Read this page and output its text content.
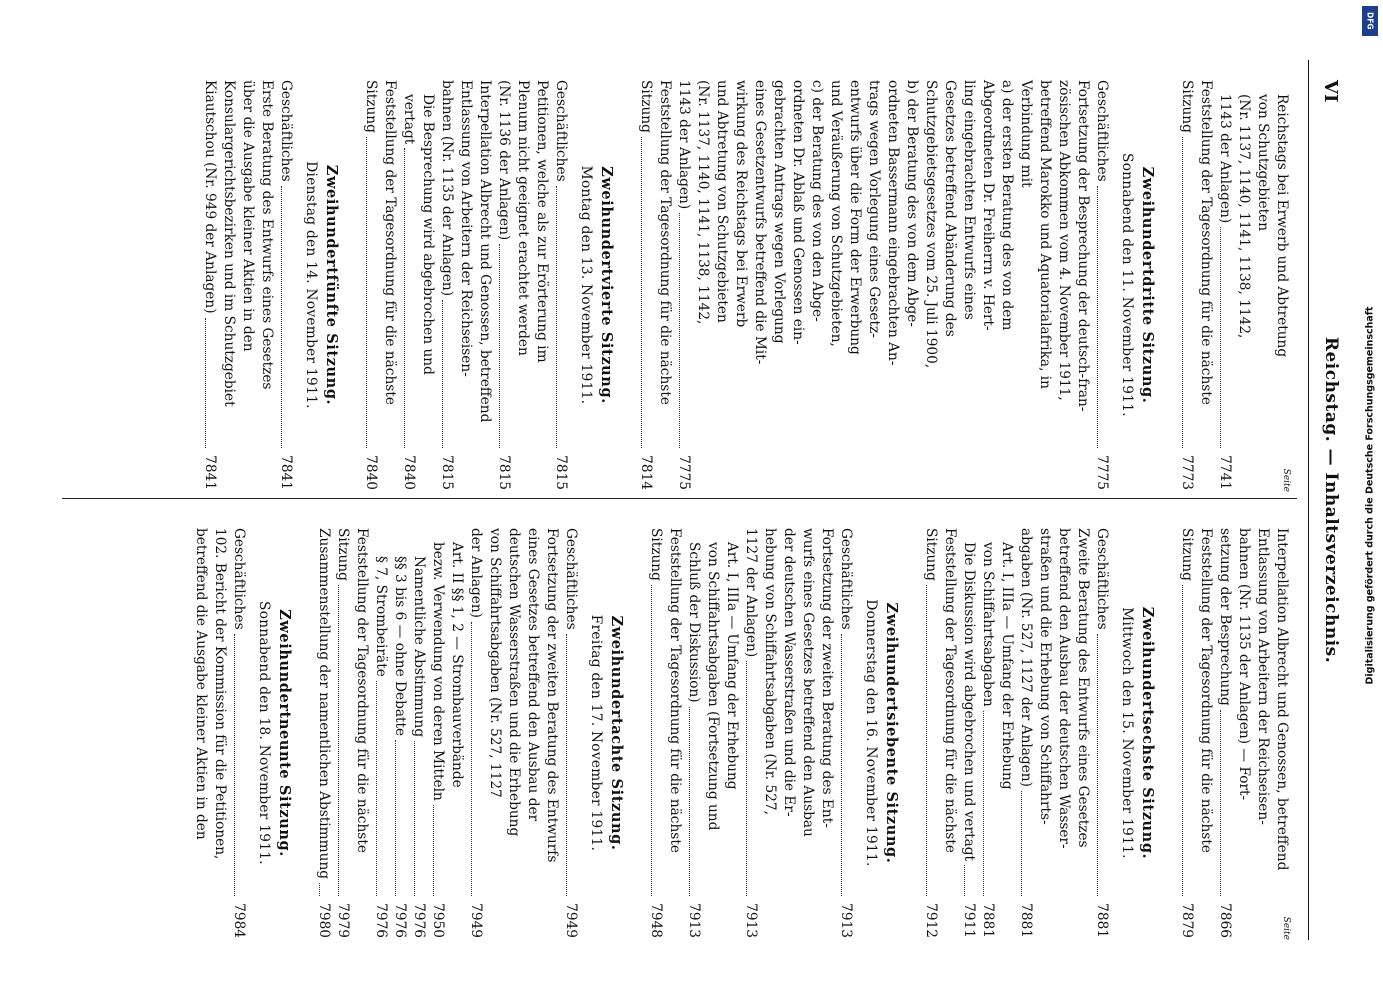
VI
Reichstag. — Inhaltsverzeichnis.
Seite
Reichstags bei Erwerb und Abtretung
von Schutzgebieten
(Nr. 1137, 1140, 1141, 1138, 1142,
1143 der Anlagen)
7741
Feststellung der Tagesordnung für die nächste
Sitzung
7773
Zweihundertdritte Sitzung.
Sonnabend den 11. November 1911.
Geschäftliches
7775
Fortsetzung der Besprechung der deutsch-fran-
zösischen Abkommen vom 4. November 1911,
betreffend Marokko und Aquatorialafrika, in
Verbindung mit
a) der ersten Beratung des von dem
Abgeordneten Dr. Freiherrn v. Hert-
ling eingebrachten Entwurfs eines
Gesetzes betreffend Abänderung des
Schutzgebietsgesetzes vom 25. Juli 1900,
b) der Beratung des von dem Abge-
ordneten Bassermann eingebrachten An-
trags wegen Vorlegung eines Gesetz-
entwurfs über die Form der Erwerbung
und Veräußerung von Schutzgebieten,
c) der Beratung des von den Abge-
ordneten Dr. Ablaß und Genossen ein-
gebrachten Antrags wegen Vorlegung
eines Gesetzentwurfs betreffend die Mit-
wirkung des Reichstags bei Erwerb
und Abtretung von Schutzgebieten
(Nr. 1137, 1140, 1141, 1138, 1142,
1143 der Anlagen)
7775
Feststellung der Tagesordnung für die nächste
Sitzung
7814
Zweihundertvierte Sitzung.
Montag den 13. November 1911.
Geschäftliches
7815
Petitionen, welche als zur Erörterung im
Plenum nicht geeignet erachtet werden
(Nr. 1136 der Anlagen)
7815
Interpellation Albrecht und Genossen, betreffend
Entlassung von Arbeitern der Reichseisen-
bahnen (Nr. 1135 der Anlagen)
7815
Die Besprechung wird abgebrochen und
vertagt
7840
Feststellung der Tagesordnung für die nächste
Sitzung
7840
Zweihundertfünfte Sitzung.
Dienstag den 14. November 1911.
Geschäftliches
7841
Erste Beratung des Entwurfs eines Gesetzes
über die Ausgabe kleiner Aktien in den
Konsulargerichtsbezirken und im Schutzgebiet
Kiautschou (Nr. 949 der Anlagen)
7841
Seite
Interpellation Albrecht und Genossen, betreffend
Entlassung von Arbeitern der Reichseisen-
bahnen (Nr. 1135 der Anlagen) — Fort-
setzung der Besprechung
7866
Feststellung der Tagesordnung für die nächste
Sitzung
7879
Zweihundertsechste Sitzung.
Mittwoch den 15. November 1911.
Geschäftliches
7881
Zweite Beratung des Entwurfs eines Gesetzes
betreffend den Ausbau der deutschen Wasser-
straßen und die Erhebung von Schiffahrts-
abgaben (Nr. 527, 1127 der Anlagen)
7881
Art. I, IIIa — Umfang der Erhebung
von Schiffahrtsabgaben
7881
Die Diskussion wird abgebrochen und vertagt
7911
Feststellung der Tagesordnung für die nächste
Sitzung
7912
Zweihundertsiebente Sitzung.
Donnerstag den 16. November 1911.
Geschäftliches
7913
Fortsetzung der zweiten Beratung des Ent-
wurfs eines Gesetzes betreffend den Ausbau
der deutschen Wasserstraßen und die Er-
hebung von Schiffahrtsabgaben (Nr. 527,
1127 der Anlagen)
7913
Art. I, IIIa — Umfang der Erhebung
von Schiffahrtsabgaben (Fortsetzung und
Schluß der Diskussion)
7913
Feststellung der Tagesordnung für die nächste
Sitzung
7948
Zweihundertachte Sitzung.
Freitag den 17. November 1911.
Geschäftliches
7949
Fortsetzung der zweiten Beratung des Entwurfs
eines Gesetzes betreffend den Ausbau der
deutschen Wasserstraßen und die Erhebung
von Schiffahrtsabgaben (Nr. 527, 1127
der Anlagen)
7949
Art. II §§ 1, 2 — Strombauverbände
bezw. Verwendung von deren Mitteln
7950
Namentliche Abstimmung
7976
§§ 3 bis 6 — ohne Debatte
7976
§ 7, Strombeiräte
7976
Feststellung der Tagesordnung für die nächste
Sitzung
7979
Zusammenstellung der namentlichen Abstimmung
7980
Zweihundertneunte Sitzung.
Sonnabend den 18. November 1911.
Geschäftliches
7984
102. Bericht der Kommission für die Petitionen,
betreffend die Ausgabe kleiner Aktien in den
DFG
Digitalisierung gefördert durch die Deutsche Forschungsgemeinschaft
